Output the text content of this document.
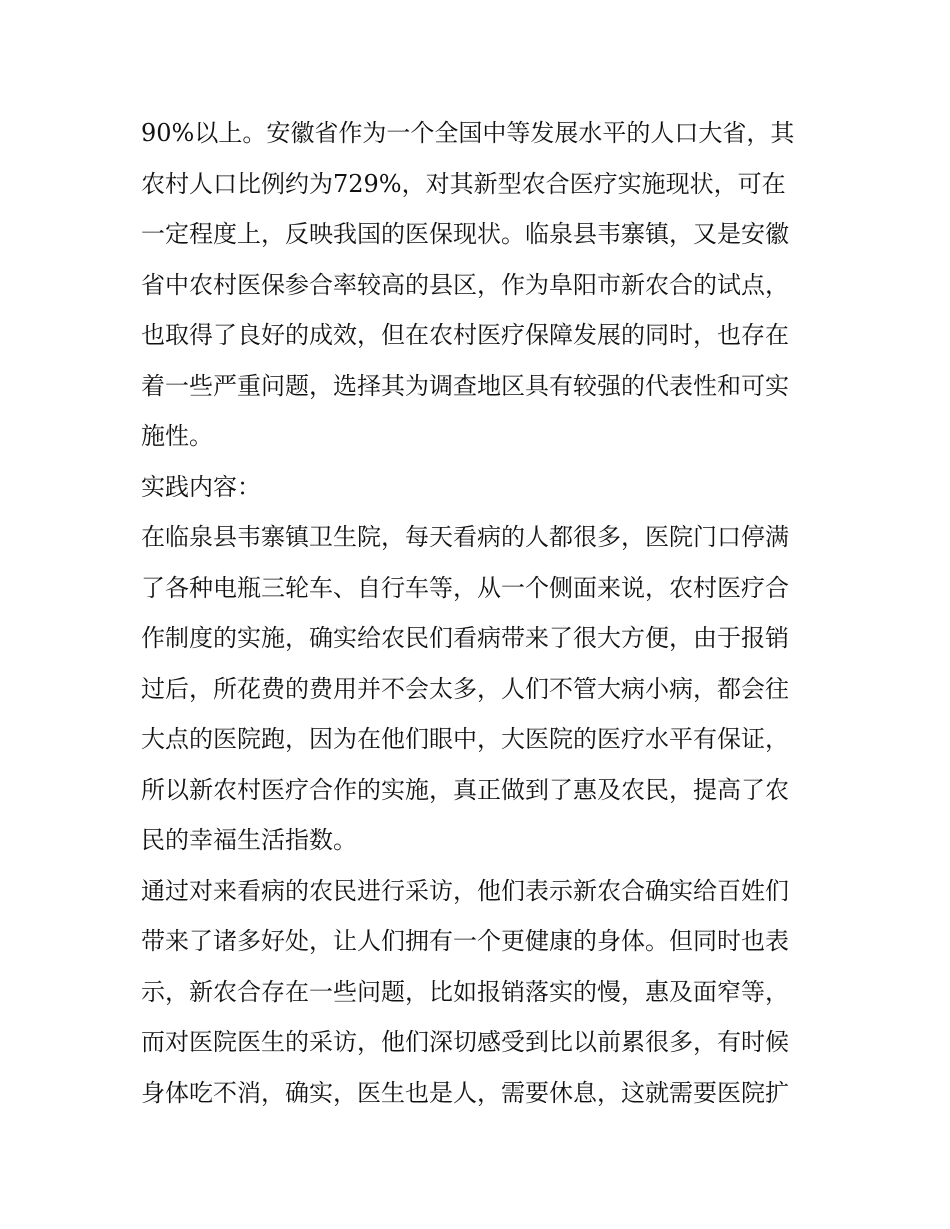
90%以上。安徽省作为一个全国中等发展水平的人口大省，其
农村人口比例约为729%，对其新型农合医疗实施现状，可在
一定程度上，反映我国的医保现状。临泉县韦寨镇，又是安徽
省中农村医保参合率较高的县区，作为阜阳市新农合的试点，
也取得了良好的成效，但在农村医疗保障发展的同时，也存在
着一些严重问题，选择其为调查地区具有较强的代表性和可实
施性。
实践内容：
在临泉县韦寨镇卫生院，每天看病的人都很多，医院门口停满
了各种电瓶三轮车、自行车等，从一个侧面来说，农村医疗合
作制度的实施，确实给农民们看病带来了很大方便，由于报销
过后，所花费的费用并不会太多，人们不管大病小病，都会往
大点的医院跑，因为在他们眼中，大医院的医疗水平有保证，
所以新农村医疗合作的实施，真正做到了惠及农民，提高了农
民的幸福生活指数。
通过对来看病的农民进行采访，他们表示新农合确实给百姓们
带来了诸多好处，让人们拥有一个更健康的身体。但同时也表
示，新农合存在一些问题，比如报销落实的慢，惠及面窄等，
而对医院医生的采访，他们深切感受到比以前累很多，有时候
身体吃不消，确实，医生也是人，需要休息，这就需要医院扩
